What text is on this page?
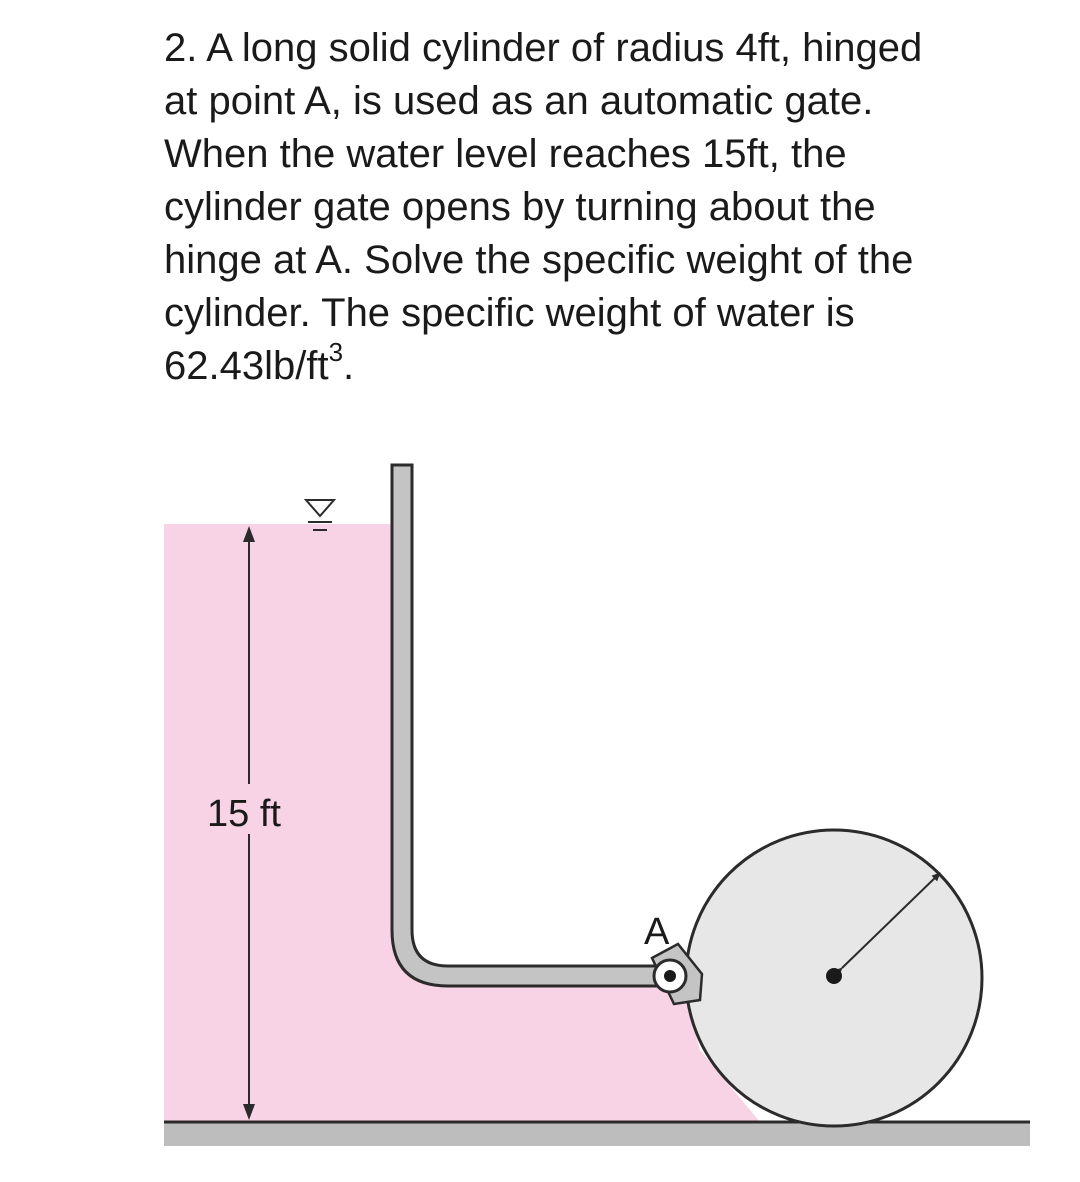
2. A long solid cylinder of radius 4ft, hinged
at point A, is used as an automatic gate.
When the water level reaches 15ft, the
cylinder gate opens by turning about the
hinge at A. Solve the specific weight of the
cylinder. The specific weight of water is
$62.43lb/ft^3$.
15 ft
A
